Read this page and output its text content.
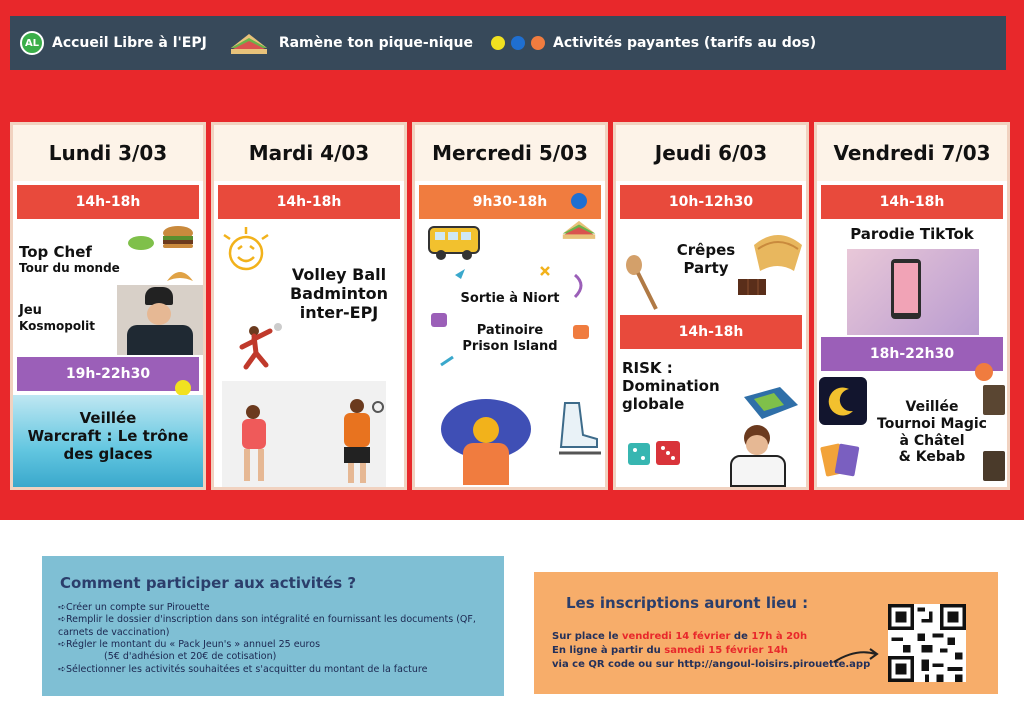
AL Accueil Libre à l'EPJ	Ramène ton pique-nique	Activités payantes (tarifs au dos)
Lundi 3/03
14h-18h
Top Chef
Tour du monde
Jeu
Kosmopolit
19h-22h30
Veillée
Warcraft : Le trône
des glaces
Mardi 4/03
14h-18h
Volley Ball
Badminton
inter-EPJ
Mercredi 5/03
9h30-18h
Sortie à Niort
Patinoire
Prison Island
Jeudi 6/03
10h-12h30
Crêpes
Party
14h-18h
RISK :
Domination
globale
Vendredi 7/03
14h-18h
Parodie TikTok
18h-22h30
Veillée
Tournoi Magic
à Châtel
& Kebab
Comment participer aux activités ?
➪Créer un compte sur Pirouette
➪Remplir le dossier d'inscription dans son intégralité en fournissant les documents (QF, carnets de vaccination)
➪Régler le montant du « Pack Jeun's » annuel 25 euros
(5€ d'adhésion et 20€ de cotisation)
➪Sélectionner les activités souhaitées et s'acquitter du montant de la facture
Les inscriptions auront lieu :
Sur place le vendredi 14 février de 17h à 20h
En ligne à partir du samedi 15 février 14h
via ce QR code ou sur http://angoul-loisirs.pirouette.app
